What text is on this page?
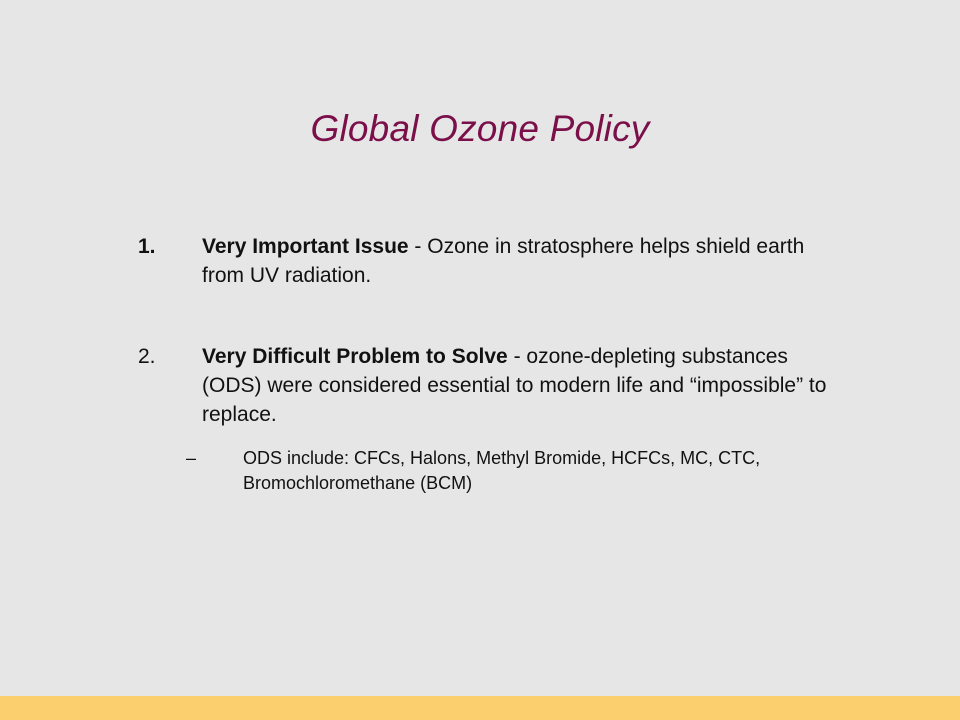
Global Ozone Policy
1. Very Important Issue - Ozone in stratosphere helps shield earth from UV radiation.
2. Very Difficult Problem to Solve - ozone-depleting substances (ODS) were considered essential to modern life and “impossible” to replace.
–	ODS include: CFCs, Halons, Methyl Bromide, HCFCs, MC, CTC, Bromochloromethane (BCM)
